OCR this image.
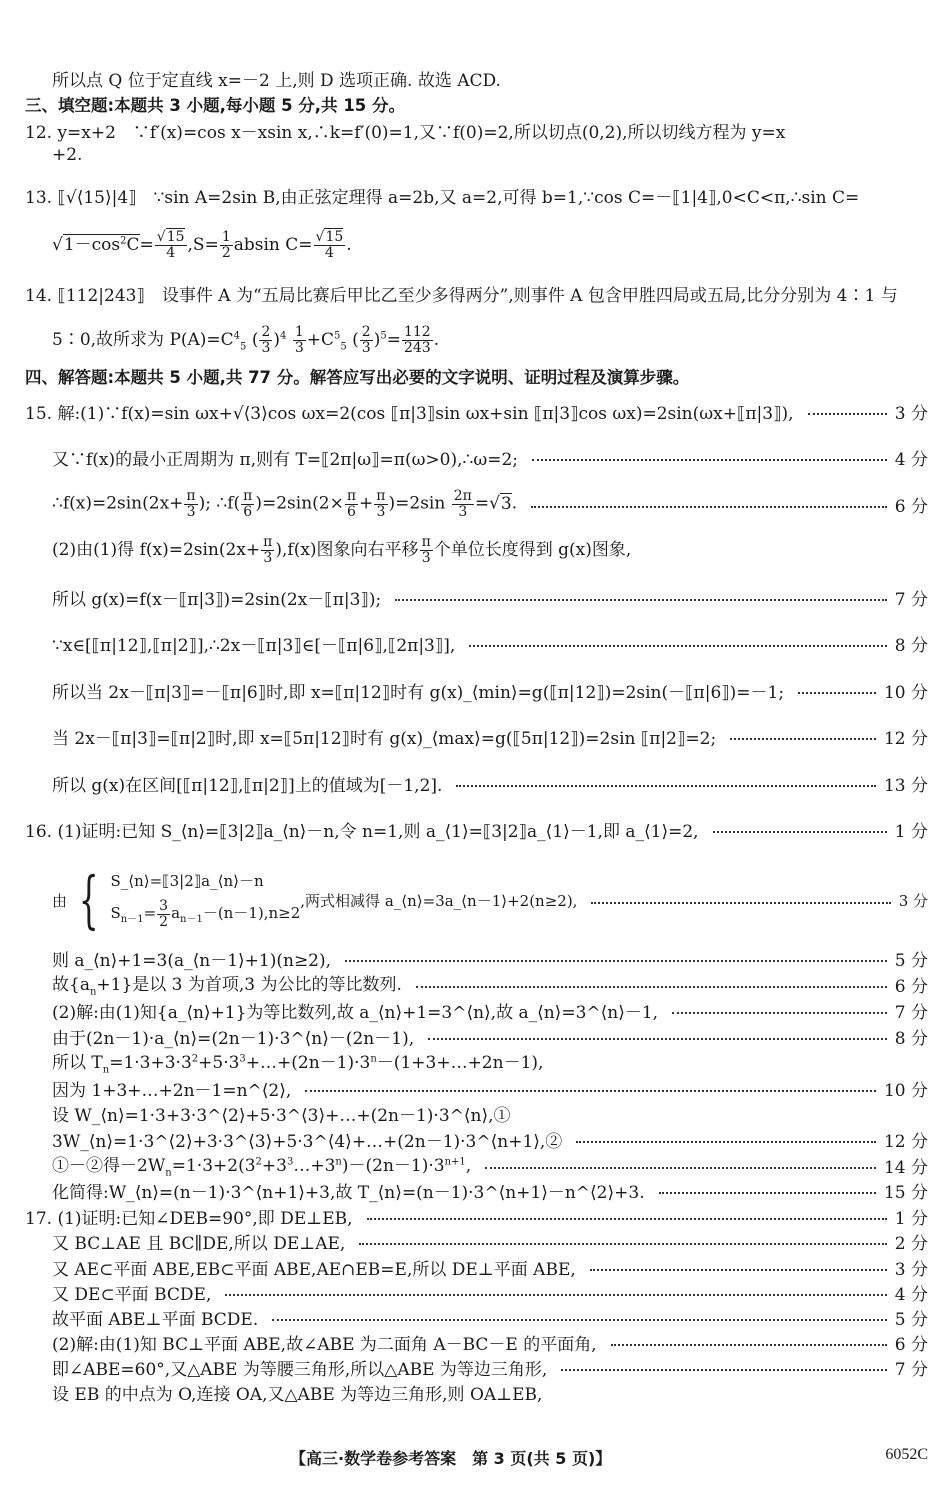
所以点 Q 位于定直线 x=－2 上,则 D 选项正确. 故选 ACD.
三、填空题:本题共 3 小题,每小题 5 分,共 15 分。
12. y=x+2　∵f′(x)=cos x－xsin x,∴k=f′(0)=1,又∵f(0)=2,所以切点(0,2),所以切线方程为 y=x
+2.
13. ⟦√⟨15⟩|4⟧　∵sin A=2sin B,由正弦定理得 a=2b,又 a=2,可得 b=1,∵cos C=－⟦1|4⟧,0<C<π,∴sin C=
$√1-\cos^2C= \frac{√15}{4} ,S= \frac{1}{2}$ absin $C= \frac{√15}{4}$ .
14. ⟦112|243⟧　设事件 A 为“五局比赛后甲比乙至少多得两分”,则事件 A 包含甲胜四局或五局,比分分别为 4∶1 与
5∶0,故所求为 $P(A)=C^4_5$ ( $\frac{2}{3} )^4 \frac{1}{3} +C^5_5$ ( $\frac{2}{3} )^5= \frac{112}{243}$ .
四、解答题:本题共 5 小题,共 77 分。解答应写出必要的文字说明、证明过程及演算步骤。
15. 解:(1)∵f(x)=sin ωx+√⟨3⟩cos ωx=2(cos ⟦π|3⟧sin ωx+sin ⟦π|3⟧cos ωx)=2sin(ωx+⟦π|3⟧),	3 分
又∵f(x)的最小正周期为 π,则有 T=⟦2π|ω⟧=π(ω>0),∴ω=2;	4 分
∴f(x)=2sin(2x+ $\frac{\pi}{3}$ ); ∴f( $\frac{\pi}{6} )=2\sin(2\times \frac{\pi}{6} + \frac{\pi}{3} )=2\sin \frac{2\pi}{3} =√3$.	6 分
(2)由(1)得 $f(x)=2\sin(2x+ \frac{\pi}{3} ),f(x)$图象向右平移 $\frac{\pi}{3}$ 个单位长度得到 g(x)图象,
所以 g(x)=f(x－⟦π|3⟧)=2sin(2x－⟦π|3⟧);	7 分
∵x∈[⟦π|12⟧,⟦π|2⟧],∴2x－⟦π|3⟧∈[－⟦π|6⟧,⟦2π|3⟧],	8 分
所以当 2x－⟦π|3⟧=－⟦π|6⟧时,即 x=⟦π|12⟧时有 g(x)_⟨min⟩=g(⟦π|12⟧)=2sin(－⟦π|6⟧)=－1;	10 分
当 2x－⟦π|3⟧=⟦π|2⟧时,即 x=⟦5π|12⟧时有 g(x)_⟨max⟩=g(⟦5π|12⟧)=2sin ⟦π|2⟧=2;	12 分
所以 g(x)在区间[⟦π|12⟧,⟦π|2⟧]上的值域为[－1,2].	13 分
16. (1)证明:已知 S_⟨n⟩=⟦3|2⟧a_⟨n⟩－n,令 n=1,则 a_⟨1⟩=⟦3|2⟧a_⟨1⟩－1,即 a_⟨1⟩=2,	1 分
则 a_⟨n⟩+1=3(a_⟨n－1⟩+1)(n≥2),	5 分
故$\{a_n+1\}$是以 3 为首项,3 为公比的等比数列.	6 分
(2)解:由(1)知{a_⟨n⟩+1}为等比数列,故 a_⟨n⟩+1=3^⟨n⟩,故 a_⟨n⟩=3^⟨n⟩－1,	7 分
由于(2n－1)·a_⟨n⟩=(2n－1)·3^⟨n⟩－(2n－1),	8 分
所以 $T_n=1\cdot 3+3\cdot 3^2+5\cdot 3^3+\dots+(2n-1)\cdot 3^n-(1+3+\dots+2n-1)$,
因为 1+3+…+2n－1=n^⟨2⟩,	10 分
设 W_⟨n⟩=1·3+3·3^⟨2⟩+5·3^⟨3⟩+…+(2n－1)·3^⟨n⟩,①
3W_⟨n⟩=1·3^⟨2⟩+3·3^⟨3⟩+5·3^⟨4⟩+…+(2n－1)·3^⟨n+1⟩,②	12 分
①－②得$-2W_n=1\cdot 3+2(3^2+3^3\dots+3^n)-(2n-1)\cdot 3^{n+1}$,	14 分
化简得:W_⟨n⟩=(n－1)·3^⟨n+1⟩+3,故 T_⟨n⟩=(n－1)·3^⟨n+1⟩－n^⟨2⟩+3.	15 分
17. (1)证明:已知∠DEB=90°,即 DE⊥EB,	1 分
又 BC⊥AE 且 BC∥DE,所以 DE⊥AE,	2 分
又 AE⊂平面 ABE,EB⊂平面 ABE,AE∩EB=E,所以 DE⊥平面 ABE,	3 分
又 DE⊂平面 BCDE,	4 分
故平面 ABE⊥平面 BCDE.	5 分
(2)解:由(1)知 BC⊥平面 ABE,故∠ABE 为二面角 A－BC－E 的平面角,	6 分
即∠ABE=60°,又△ABE 为等腰三角形,所以△ABE 为等边三角形,	7 分
设 EB 的中点为 O,连接 OA,又△ABE 为等边三角形,则 OA⊥EB,
由 { S_⟨n⟩=⟦3|2⟧a_⟨n⟩－n
$S_{n-1}= \frac{3}{2} a_{n-1}-(n-1),n\ge 2$
,两式相减得 a_⟨n⟩=3a_⟨n－1⟩+2(n≥2),	3 分
【高三·数学卷参考答案　第 3 页(共 5 页)】	6052C
